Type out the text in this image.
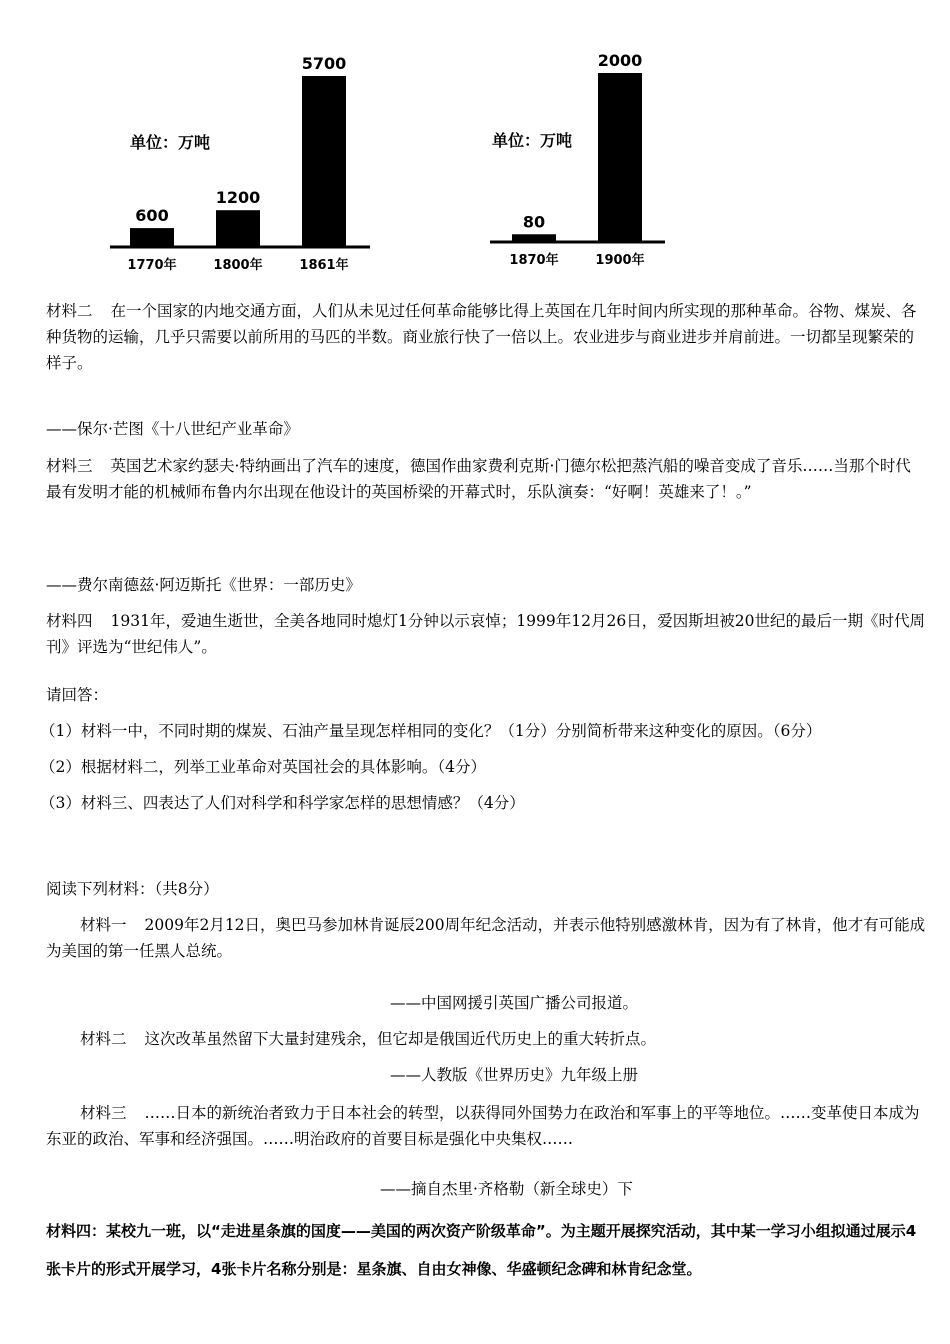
单位：万吨
600
1770年
1200
1800年
5700
1861年
单位：万吨
80
1870年
2000
1900年

材料二 在一个国家的内地交通方面，人们从未见过任何革命能够比得上英国在几年时间内所实现的那种革命。谷物、煤炭、各种货物的运输，几乎只需要以前所用的马匹的半数。商业旅行快了一倍以上。农业进步与商业进步并肩前进。一切都呈现繁荣的样子。

——保尔·芒图《十八世纪产业革命》

材料三 英国艺术家约瑟夫·特纳画出了汽车的速度，德国作曲家费利克斯·门德尔松把蒸汽船的噪音变成了音乐……当那个时代最有发明才能的机械师布鲁内尔出现在他设计的英国桥梁的开幕式时，乐队演奏：“好啊！英雄来了！。”

——费尔南德兹·阿迈斯托《世界：一部历史》

材料四 1931年，爱迪生逝世，全美各地同时熄灯1分钟以示哀悼；1999年12月26日，爱因斯坦被20世纪的最后一期《时代周刊》评选为“世纪伟人”。

请回答：

（1）材料一中，不同时期的煤炭、石油产量呈现怎样相同的变化？（1分）分别简析带来这种变化的原因。（6分）

（2）根据材料二，列举工业革命对英国社会的具体影响。（4分）

（3）材料三、四表达了人们对科学和科学家怎样的思想情感？（4分）

阅读下列材料：（共8分）

材料一 2009年2月12日，奥巴马参加林肯诞辰200周年纪念活动，并表示他特别感激林肯，因为有了林肯，他才有可能成为美国的第一任黑人总统。

——中国网援引英国广播公司报道。

材料二 这次改革虽然留下大量封建残余，但它却是俄国近代历史上的重大转折点。

——人教版《世界历史》九年级上册

材料三 ……日本的新统治者致力于日本社会的转型，以获得同外国势力在政治和军事上的平等地位。……变革使日本成为东亚的政治、军事和经济强国。……明治政府的首要目标是强化中央集权……

——摘自杰里·齐格勒（新全球史）下

材料四：某校九一班，以“走进星条旗的国度——美国的两次资产阶级革命”。为主题开展探究活动，其中某一学习小组拟通过展示4张卡片的形式开展学习，4张卡片名称分别是：星条旗、自由女神像、华盛顿纪念碑和林肯纪念堂。
